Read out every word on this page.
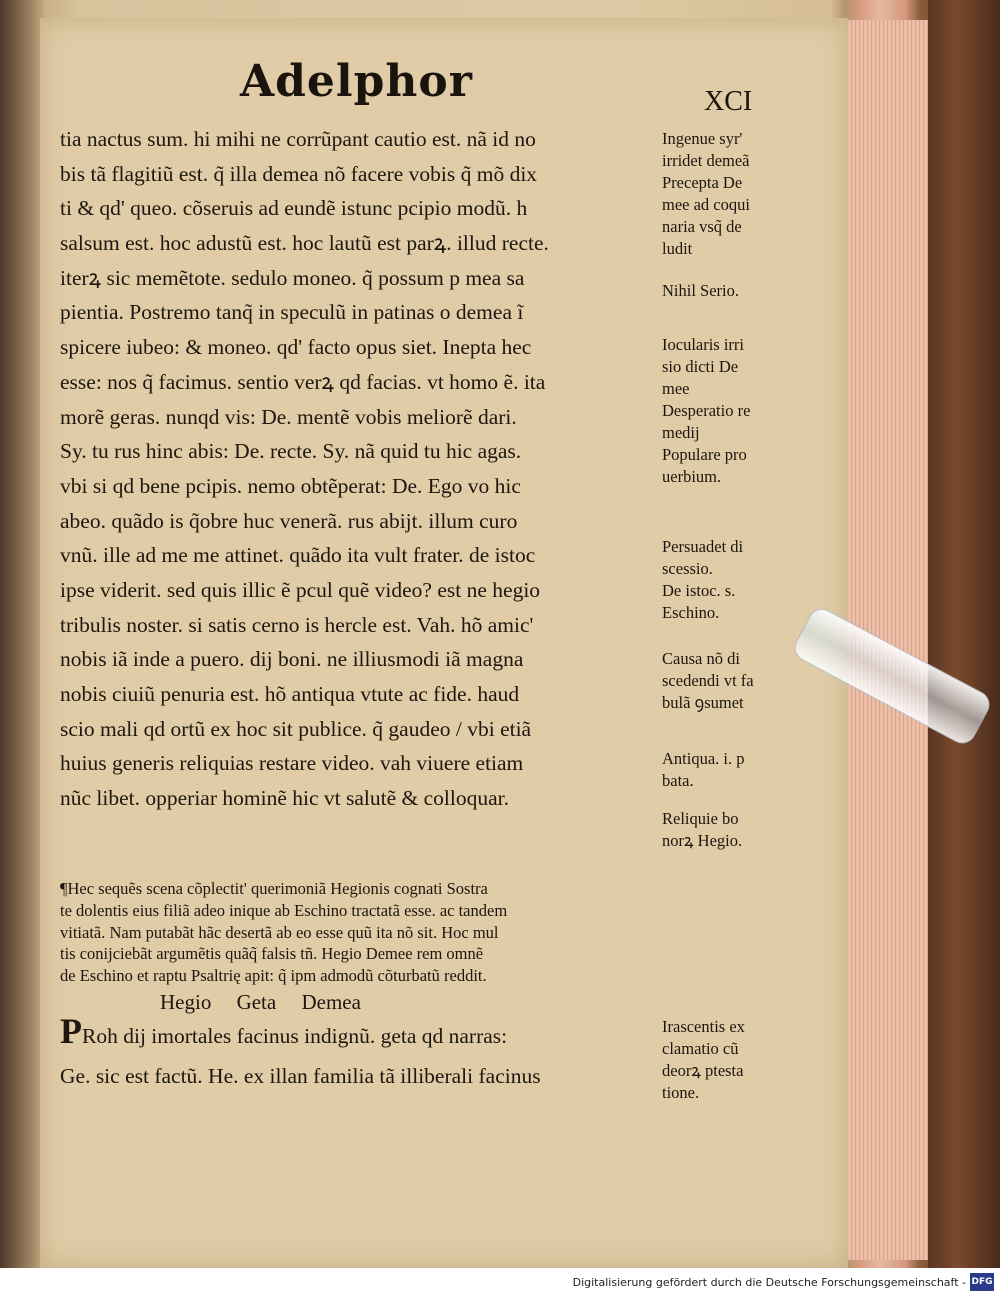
Adelphor	XCI
tia nactus sum. hi mihi ne corrũpant cautio est. nã id no
bis tã flagitiũ est. q̃ illa demea nõ facere vobis q̃ mõ dix
ti & qd' queo. cõseruis ad eundẽ istunc pcipio modũ. h
salsum est. hoc adustũ est. hoc lautũ est parꝝ. illud recte.
iterꝝ sic memẽtote. sedulo moneo. q̃ possum p mea sa
pientia. Postremo tanq̃ in speculũ in patinas o demea ĩ
spicere iubeo: & moneo. qd' facto opus siet. Inepta hec
esse: nos q̃ facimus. sentio verꝝ qd facias. vt homo ẽ. ita
morẽ geras. nunqd vis: De. mentẽ vobis meliorẽ dari.
Sy. tu rus hinc abis: De. recte. Sy. nã quid tu hic agas.
vbi si qd bene pcipis. nemo obtẽperat: De. Ego vo hic
abeo. quãdo is q̃obre huc venerã. rus abijt. illum curo
vnũ. ille ad me me attinet. quãdo ita vult frater. de istoc
ipse viderit. sed quis illic ẽ pcul quẽ video? est ne hegio
tribulis noster. si satis cerno is hercle est. Vah. hõ amic'
nobis iã inde a puero. dij boni. ne illiusmodi iã magna
nobis ciuiũ penuria est. hõ antiqua vtute ac fide. haud
scio mali qd ortũ ex hoc sit publice. q̃ gaudeo / vbi etiã
huius generis reliquias restare video. vah viuere etiam
nũc libet. opperiar hominẽ hic vt salutẽ & colloquar.
¶Hec sequẽs scena cõplectit' querimoniã Hegionis cognati Sostra
te dolentis eius filiã adeo inique ab Eschino tractatã esse. ac tandem
vitiatã. Nam putabãt hãc desertã ab eo esse quũ ita nõ sit. Hoc mul
tis conijciebãt argumẽtis quãq̃ falsis tñ. Hegio Demee rem omnẽ
de Eschino et raptu Psaltrię apit: q̃ ipm admodũ cõturbatũ reddit.
Hegio Geta Demea
PRoh dij imortales facinus indignũ. geta qd narras:
Ge. sic est factũ. He. ex illan familia tã illiberali facinus
Ingenue syr'
irridet demeã
Precepta De
mee ad coqui
naria vsq̃ de
ludit
Nihil Serio.
Iocularis irri
sio dicti De
mee
Desperatio re
medij
Populare pro
uerbium.
Persuadet di
scessio.
De istoc. s.
Eschino.
Causa nõ di
scedendi vt fa
bulã ꝯsumet
Antiqua. i. p
bata.
Reliquie bo
norꝝ Hegio.
Irascentis ex
clamatio cũ
deorꝝ ptesta
tione.
Digitalisierung gefördert durch die Deutsche Forschungsgemeinschaft - DFG
